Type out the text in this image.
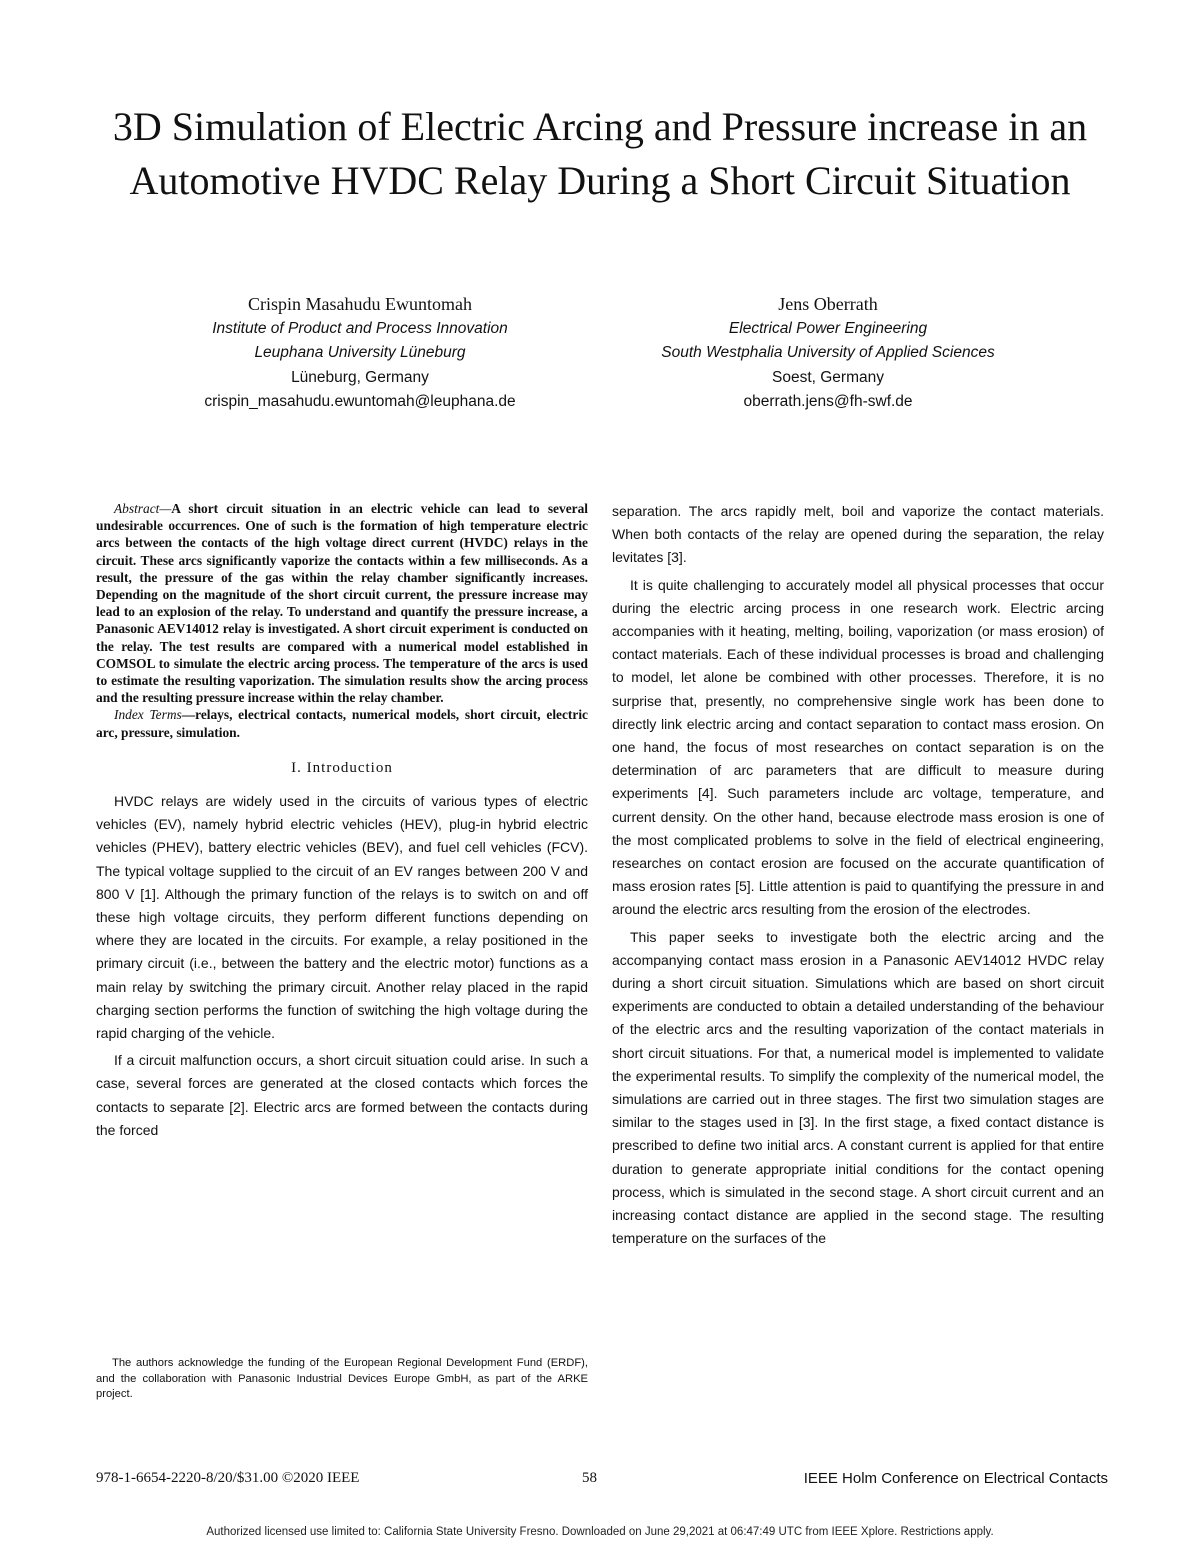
3D Simulation of Electric Arcing and Pressure increase in an Automotive HVDC Relay During a Short Circuit Situation
Crispin Masahudu Ewuntomah
Institute of Product and Process Innovation
Leuphana University Lüneburg
Lüneburg, Germany
crispin_masahudu.ewuntomah@leuphana.de
Jens Oberrath
Electrical Power Engineering
South Westphalia University of Applied Sciences
Soest, Germany
oberrath.jens@fh-swf.de

Abstract—A short circuit situation in an electric vehicle can lead to several undesirable occurrences. One of such is the formation of high temperature electric arcs between the contacts of the high voltage direct current (HVDC) relays in the circuit. These arcs significantly vaporize the contacts within a few milliseconds. As a result, the pressure of the gas within the relay chamber significantly increases. Depending on the magnitude of the short circuit current, the pressure increase may lead to an explosion of the relay. To understand and quantify the pressure increase, a Panasonic AEV14012 relay is investigated. A short circuit experiment is conducted on the relay. The test results are compared with a numerical model established in COMSOL to simulate the electric arcing process. The temperature of the arcs is used to estimate the resulting vaporization. The simulation results show the arcing process and the resulting pressure increase within the relay chamber.

Index Terms—relays, electrical contacts, numerical models, short circuit, electric arc, pressure, simulation.

I. Introduction

HVDC relays are widely used in the circuits of various types of electric vehicles (EV), namely hybrid electric vehicles (HEV), plug-in hybrid electric vehicles (PHEV), battery electric vehicles (BEV), and fuel cell vehicles (FCV). The typical voltage supplied to the circuit of an EV ranges between 200 V and 800 V [1]. Although the primary function of the relays is to switch on and off these high voltage circuits, they perform different functions depending on where they are located in the circuits. For example, a relay positioned in the primary circuit (i.e., between the battery and the electric motor) functions as a main relay by switching the primary circuit. Another relay placed in the rapid charging section performs the function of switching the high voltage during the rapid charging of the vehicle.

If a circuit malfunction occurs, a short circuit situation could arise. In such a case, several forces are generated at the closed contacts which forces the contacts to separate [2]. Electric arcs are formed between the contacts during the forced

The authors acknowledge the funding of the European Regional Development Fund (ERDF), and the collaboration with Panasonic Industrial Devices Europe GmbH, as part of the ARKE project.

separation. The arcs rapidly melt, boil and vaporize the contact materials. When both contacts of the relay are opened during the separation, the relay levitates [3].

It is quite challenging to accurately model all physical processes that occur during the electric arcing process in one research work. Electric arcing accompanies with it heating, melting, boiling, vaporization (or mass erosion) of contact materials. Each of these individual processes is broad and challenging to model, let alone be combined with other processes. Therefore, it is no surprise that, presently, no comprehensive single work has been done to directly link electric arcing and contact separation to contact mass erosion. On one hand, the focus of most researches on contact separation is on the determination of arc parameters that are difficult to measure during experiments [4]. Such parameters include arc voltage, temperature, and current density. On the other hand, because electrode mass erosion is one of the most complicated problems to solve in the field of electrical engineering, researches on contact erosion are focused on the accurate quantification of mass erosion rates [5]. Little attention is paid to quantifying the pressure in and around the electric arcs resulting from the erosion of the electrodes.

This paper seeks to investigate both the electric arcing and the accompanying contact mass erosion in a Panasonic AEV14012 HVDC relay during a short circuit situation. Simulations which are based on short circuit experiments are conducted to obtain a detailed understanding of the behaviour of the electric arcs and the resulting vaporization of the contact materials in short circuit situations. For that, a numerical model is implemented to validate the experimental results. To simplify the complexity of the numerical model, the simulations are carried out in three stages. The first two simulation stages are similar to the stages used in [3]. In the first stage, a fixed contact distance is prescribed to define two initial arcs. A constant current is applied for that entire duration to generate appropriate initial conditions for the contact opening process, which is simulated in the second stage. A short circuit current and an increasing contact distance are applied in the second stage. The resulting temperature on the surfaces of the

978-1-6654-2220-8/20/$31.00 ©2020 IEEE	58	IEEE Holm Conference on Electrical Contacts
Authorized licensed use limited to: California State University Fresno. Downloaded on June 29,2021 at 06:47:49 UTC from IEEE Xplore. Restrictions apply.
